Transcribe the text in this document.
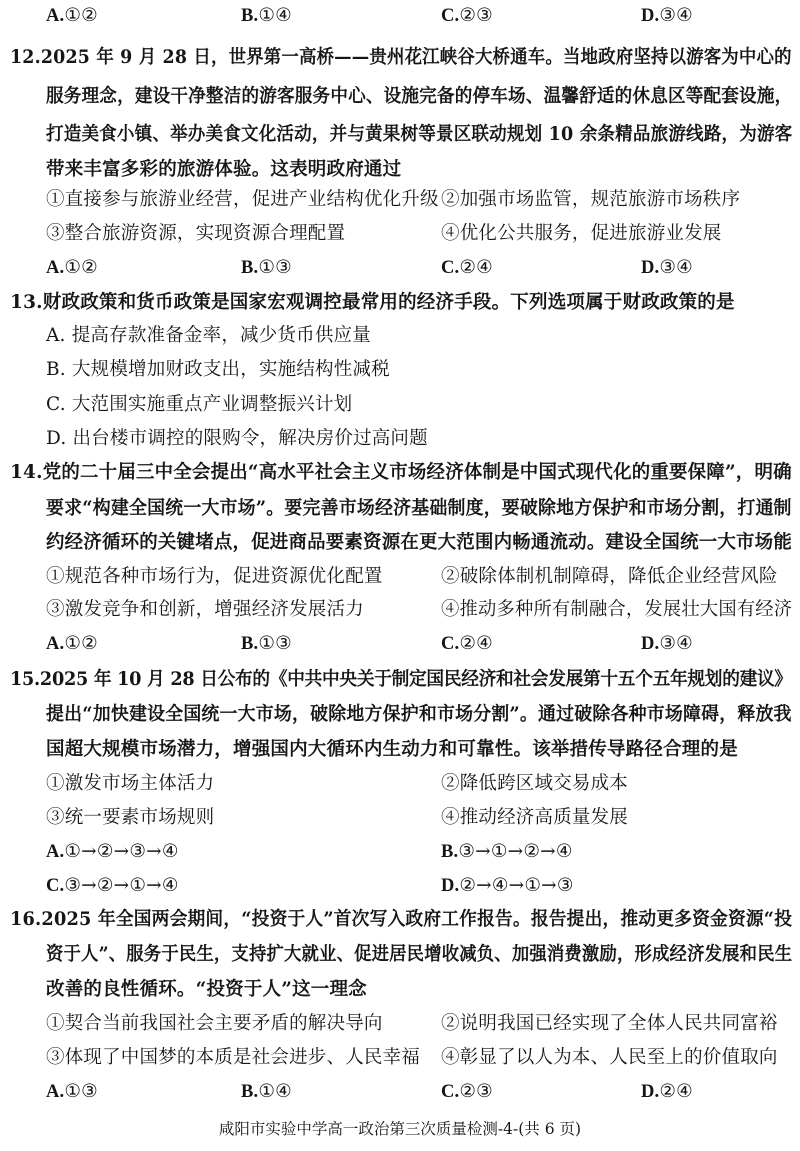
A.①②	B.①④	C.②③	D.③④
12.2025 年 9 月 28 日，世界第一高桥——贵州花江峡谷大桥通车。当地政府坚持以游客为中心的
服务理念，建设干净整洁的游客服务中心、设施完备的停车场、温馨舒适的休息区等配套设施，
打造美食小镇、举办美食文化活动，并与黄果树等景区联动规划 10 余条精品旅游线路，为游客
带来丰富多彩的旅游体验。这表明政府通过
①直接参与旅游业经营，促进产业结构优化升级 ②加强市场监管，规范旅游市场秩序
③整合旅游资源，实现资源合理配置	④优化公共服务，促进旅游业发展
A.①②	B.①③	C.②④	D.③④
13.财政政策和货币政策是国家宏观调控最常用的经济手段。下列选项属于财政政策的是
A. 提高存款准备金率，减少货币供应量
B. 大规模增加财政支出，实施结构性减税
C. 大范围实施重点产业调整振兴计划
D. 出台楼市调控的限购令，解决房价过高问题
14.党的二十届三中全会提出“高水平社会主义市场经济体制是中国式现代化的重要保障”，明确
要求“构建全国统一大市场”。要完善市场经济基础制度，要破除地方保护和市场分割，打通制
约经济循环的关键堵点，促进商品要素资源在更大范围内畅通流动。建设全国统一大市场能
①规范各种市场行为，促进资源优化配置	②破除体制机制障碍，降低企业经营风险
③激发竞争和创新，增强经济发展活力	④推动多种所有制融合，发展壮大国有经济
A.①②	B.①③	C.②④	D.③④
15.2025 年 10 月 28 日公布的《中共中央关于制定国民经济和社会发展第十五个五年规划的建议》
提出“加快建设全国统一大市场，破除地方保护和市场分割”。通过破除各种市场障碍，释放我
国超大规模市场潜力，增强国内大循环内生动力和可靠性。该举措传导路径合理的是
①激发市场主体活力	②降低跨区域交易成本
③统一要素市场规则	④推动经济高质量发展
A.①→②→③→④	B.③→①→②→④
C.③→②→①→④	D.②→④→①→③
16.2025 年全国两会期间，“投资于人”首次写入政府工作报告。报告提出，推动更多资金资源“投
资于人”、服务于民生，支持扩大就业、促进居民增收减负、加强消费激励，形成经济发展和民生
改善的良性循环。“投资于人”这一理念
①契合当前我国社会主要矛盾的解决导向	②说明我国已经实现了全体人民共同富裕
③体现了中国梦的本质是社会进步、人民幸福 ④彰显了以人为本、人民至上的价值取向
A.①③	B.①④	C.②③	D.②④
咸阳市实验中学高一政治第三次质量检测-4-(共 6 页)
